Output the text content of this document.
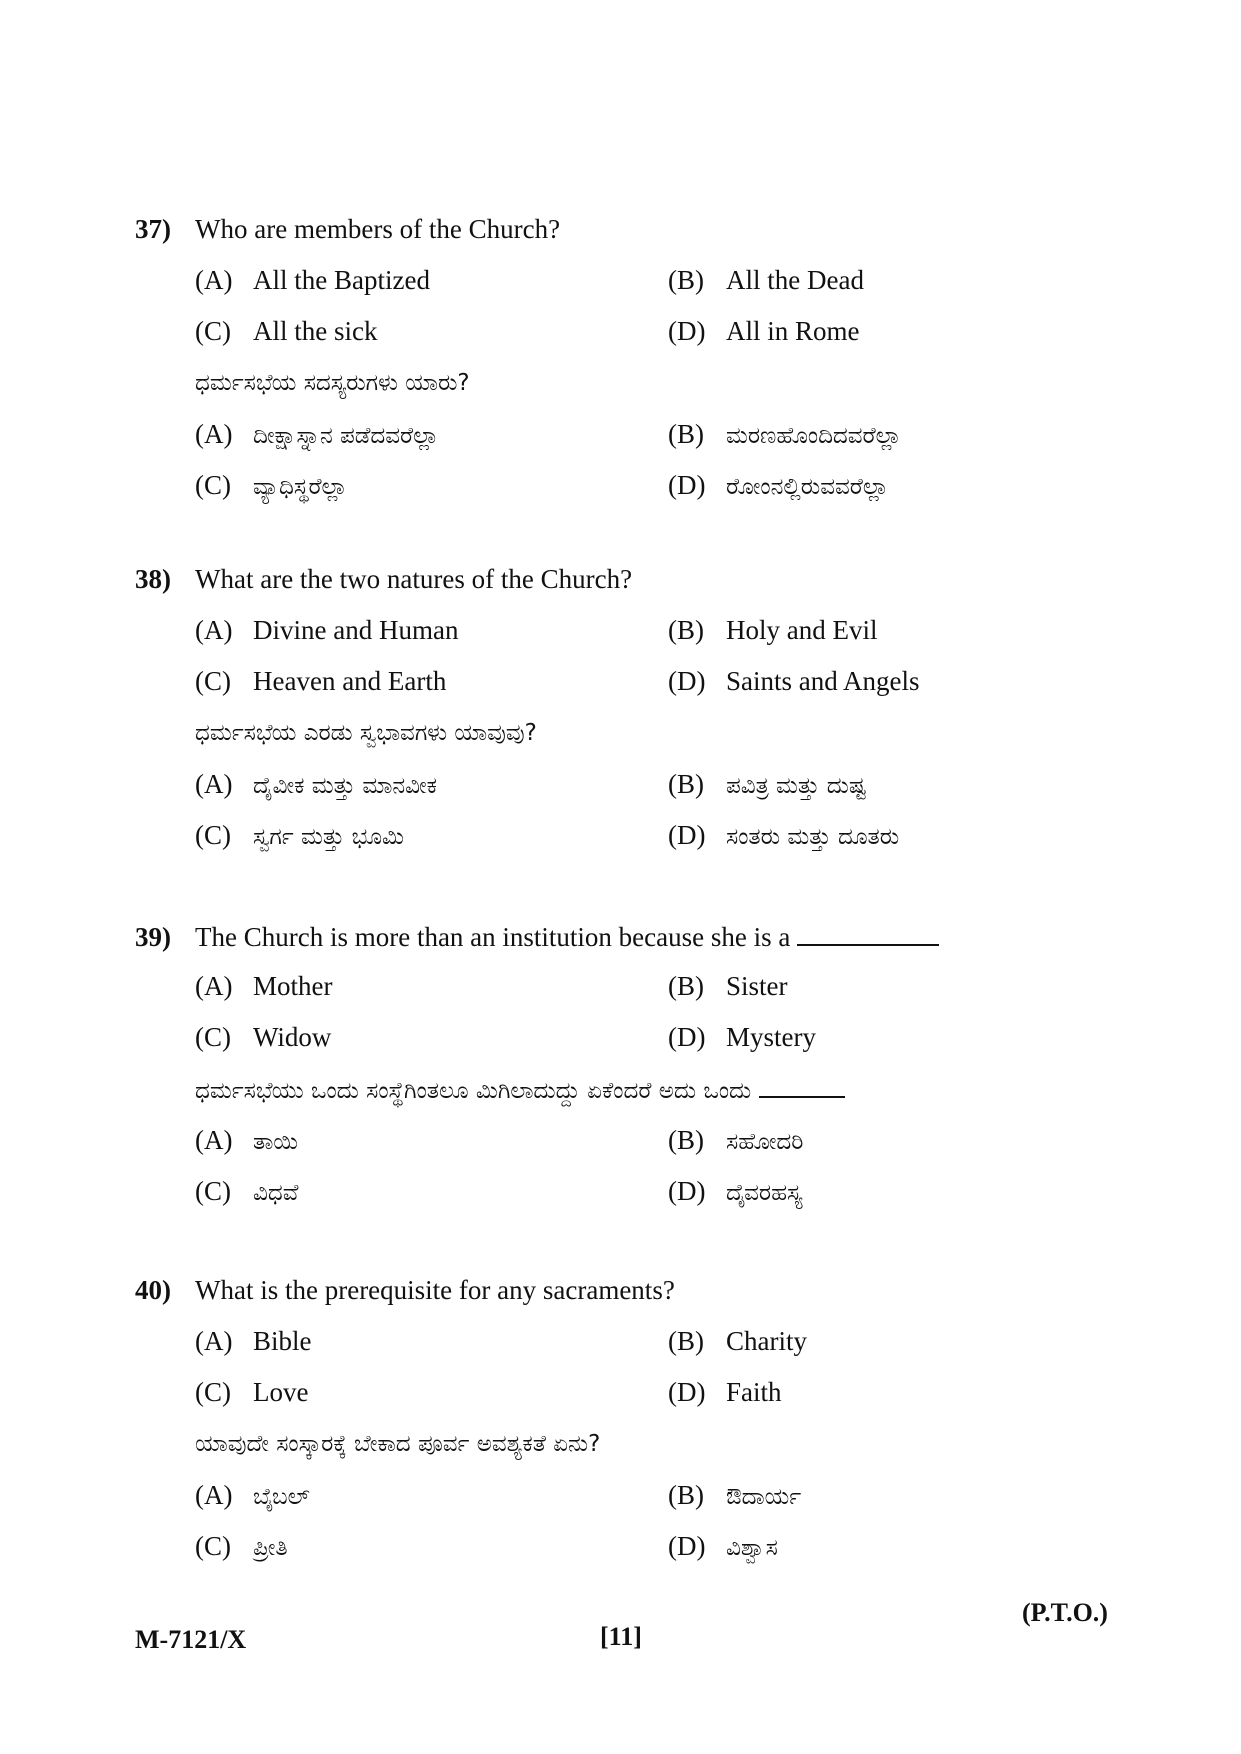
37) Who are members of the Church?
(A) All the Baptized	(B) All the Dead
(C) All the sick	(D) All in Rome
ಧರ್ಮಸಭೆಯ ಸದಸ್ಯರುಗಳು ಯಾರು?
(A) ದೀಕ್ಷಾಸ್ನಾನ ಪಡೆದವರೆಲ್ಲಾ	(B) ಮರಣಹೊಂದಿದವರೆಲ್ಲಾ
(C) ವ್ಯಾಧಿಸ್ಥರೆಲ್ಲಾ	(D) ರೋಂನಲ್ಲಿರುವವರೆಲ್ಲಾ
38) What are the two natures of the Church?
(A) Divine and Human	(B) Holy and Evil
(C) Heaven and Earth	(D) Saints and Angels
ಧರ್ಮಸಭೆಯ ಎರಡು ಸ್ವಭಾವಗಳು ಯಾವುವು?
(A) ದೈವೀಕ ಮತ್ತು ಮಾನವೀಕ	(B) ಪವಿತ್ರ ಮತ್ತು ದುಷ್ಟ
(C) ಸ್ವರ್ಗ ಮತ್ತು ಭೂಮಿ	(D) ಸಂತರು ಮತ್ತು ದೂತರು
39) The Church is more than an institution because she is a
(A) Mother	(B) Sister
(C) Widow	(D) Mystery
ಧರ್ಮಸಭೆಯು ಒಂದು ಸಂಸ್ಥೆಗಿಂತಲೂ ಮಿಗಿಲಾದುದ್ದು ಏಕೆಂದರೆ ಅದು ಒಂದು
(A) ತಾಯಿ	(B) ಸಹೋದರಿ
(C) ವಿಧವೆ	(D) ದೈವರಹಸ್ಯ
40) What is the prerequisite for any sacraments?
(A) Bible	(B) Charity
(C) Love	(D) Faith
ಯಾವುದೇ ಸಂಸ್ಕಾರಕ್ಕೆ ಬೇಕಾದ ಪೂರ್ವ ಅವಶ್ಯಕತೆ ಏನು?
(A) ಬೈಬಲ್	(B) ಔದಾರ್ಯ
(C) ಪ್ರೀತಿ	(D) ವಿಶ್ವಾಸ
(P.T.O.)
M-7121/X	[11]
